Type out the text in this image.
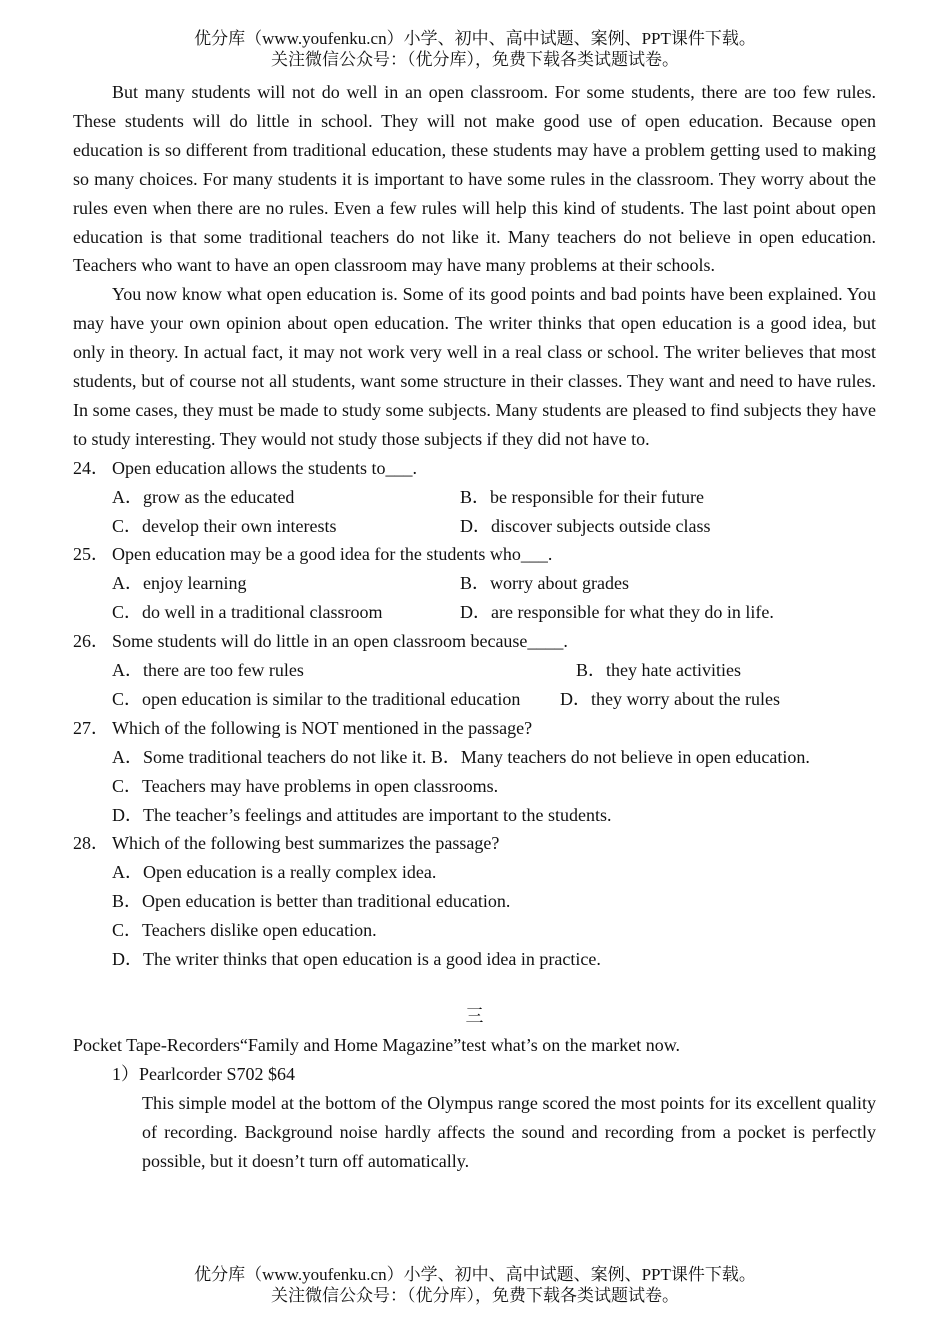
优分库（www.youfenku.cn）小学、初中、高中试题、案例、PPT课件下载。
关注微信公众号：（优分库），免费下载各类试题试卷。

But many students will not do well in an open classroom. For some students, there are too few rules. These students will do little in school. They will not make good use of open education. Because open education is so different from traditional education, these students may have a problem getting used to making so many choices. For many students it is important to have some rules in the classroom. They worry about the rules even when there are no rules. Even a few rules will help this kind of students. The last point about open education is that some traditional teachers do not like it. Many teachers do not believe in open education. Teachers who want to have an open classroom may have many problems at their schools.

You now know what open education is. Some of its good points and bad points have been explained. You may have your own opinion about open education. The writer thinks that open education is a good idea, but only in theory. In actual fact, it may not work very well in a real class or school. The writer believes that most students, but of course not all students, want some structure in their classes. They want and need to have rules. In some cases, they must be made to study some subjects. Many students are pleased to find subjects they have to study interesting. They would not study those subjects if they did not have to.

24． Open education allows the students to___.

A．grow as the educated	B．be responsible for their future
C．develop their own interests	D．discover subjects outside class

25． Open education may be a good idea for the students who___.

A．enjoy learning	B．worry about grades
C．do well in a traditional classroom	D．are responsible for what they do in life.

26． Some students will do little in an open classroom because____.

A．there are too few rules	B．they hate activities
C．open education is similar to the traditional education D．they worry about the rules

27． Which of the following is NOT mentioned in the passage?

A．Some traditional teachers do not like it. B．Many teachers do not believe in open education.

C．Teachers may have problems in open classrooms.

D．The teacher’s feelings and attitudes are important to the students.

28． Which of the following best summarizes the passage?

A．Open education is a really complex idea.

B．Open education is better than traditional education.

C．Teachers dislike open education.

D．The writer thinks that open education is a good idea in practice.

三

Pocket Tape-Recorders“Family and Home Magazine”test what’s on the market now.

1）Pearlcorder S702 $64

This simple model at the bottom of the Olympus range scored the most points for its excellent quality of recording. Background noise hardly affects the sound and recording from a pocket is perfectly possible, but it doesn’t turn off automatically.

优分库（www.youfenku.cn）小学、初中、高中试题、案例、PPT课件下载。
关注微信公众号：（优分库），免费下载各类试题试卷。
